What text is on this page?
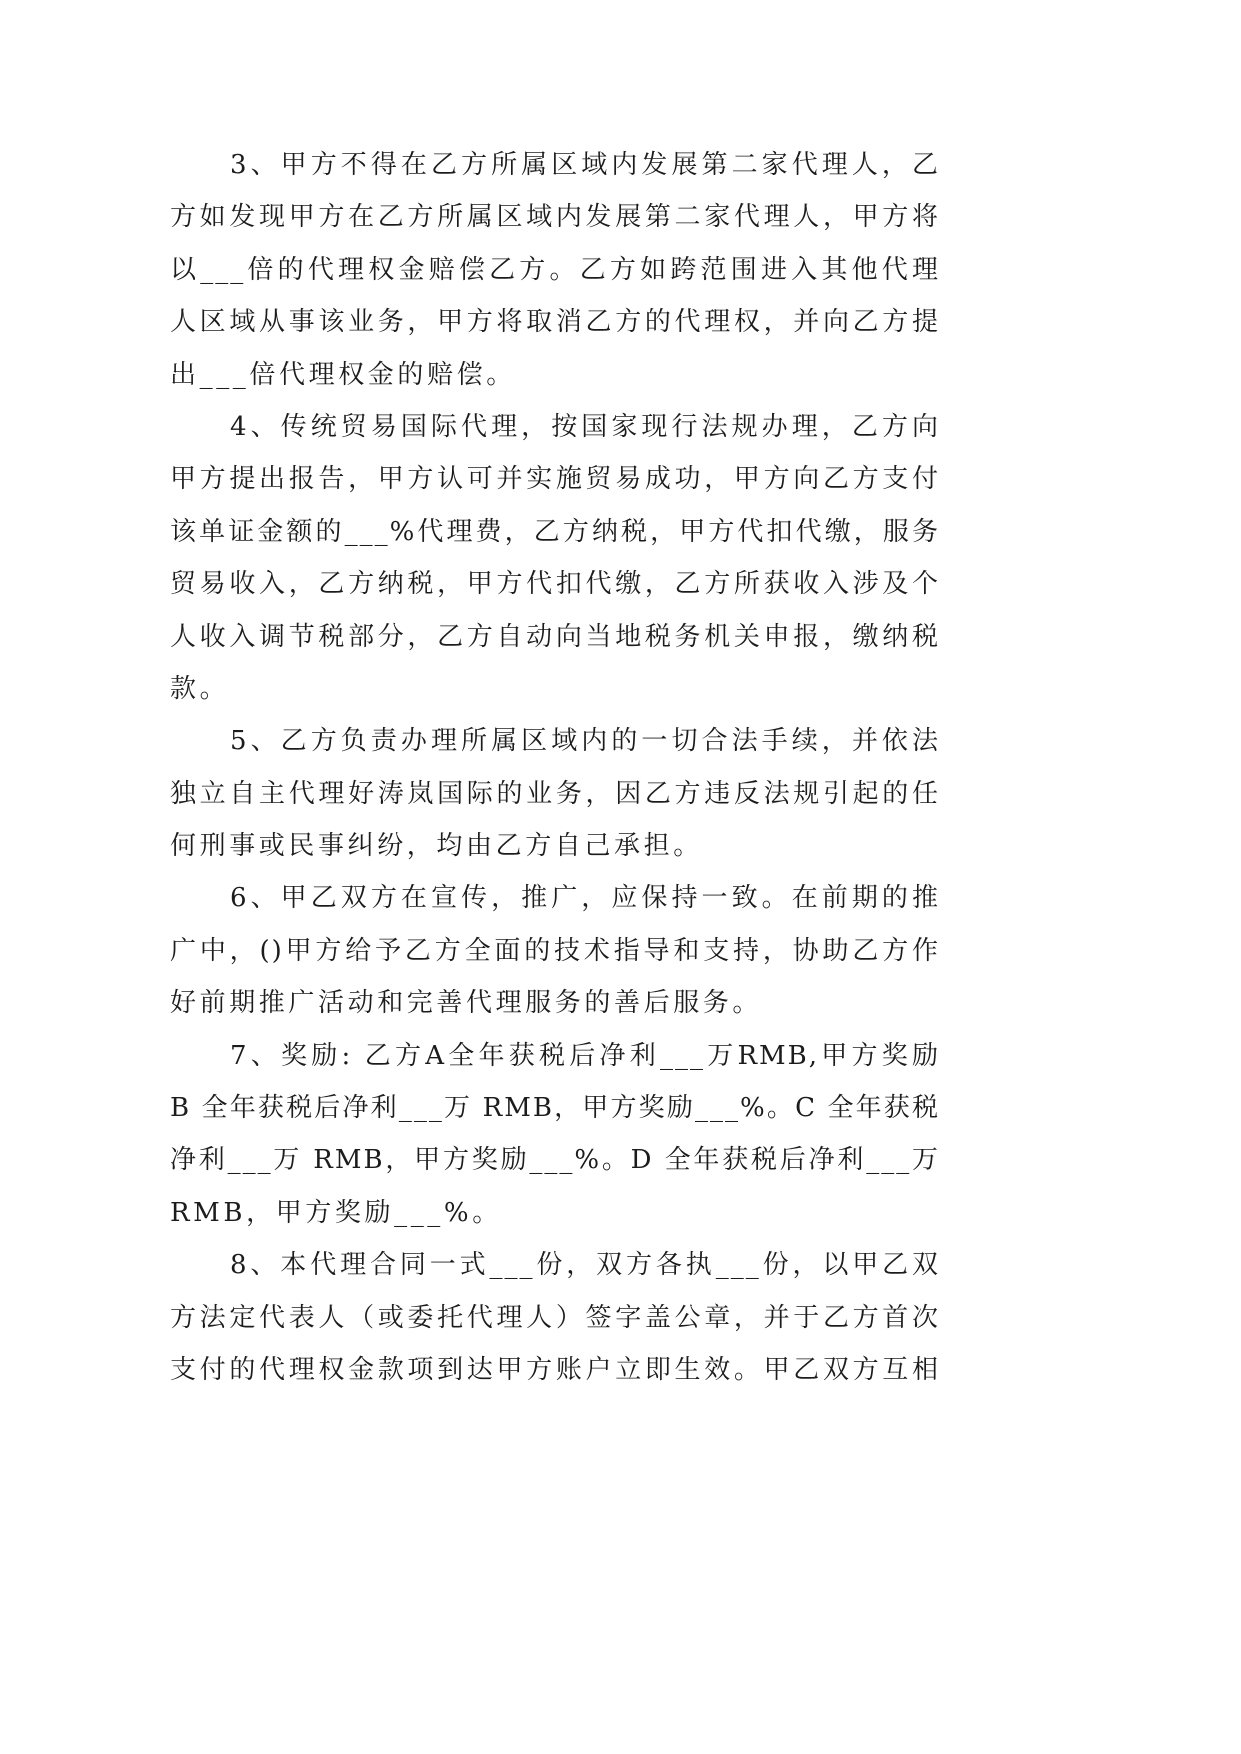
3、甲方不得在乙方所属区域内发展第二家代理人，乙
方如发现甲方在乙方所属区域内发展第二家代理人，甲方将
以___倍的代理权金赔偿乙方。乙方如跨范围进入其他代理
人区域从事该业务，甲方将取消乙方的代理权，并向乙方提
出___倍代理权金的赔偿。
4、传统贸易国际代理，按国家现行法规办理，乙方向
甲方提出报告，甲方认可并实施贸易成功，甲方向乙方支付
该单证金额的___%代理费，乙方纳税，甲方代扣代缴，服务
贸易收入，乙方纳税，甲方代扣代缴，乙方所获收入涉及个
人收入调节税部分，乙方自动向当地税务机关申报，缴纳税
款。
5、乙方负责办理所属区域内的一切合法手续，并依法
独立自主代理好涛岚国际的业务，因乙方违反法规引起的任
何刑事或民事纠纷，均由乙方自己承担。
6、甲乙双方在宣传，推广，应保持一致。在前期的推
广中，()甲方给予乙方全面的技术指导和支持，协助乙方作
好前期推广活动和完善代理服务的善后服务。
7、奖励: 乙方A全年获税后净利___万RMB,甲方奖励
B 全年获税后净利___万 RMB，甲方奖励___%。C 全年获税
净利___万 RMB，甲方奖励___%。D 全年获税后净利___万
RMB，甲方奖励___%。
8、本代理合同一式___份，双方各执___份，以甲乙双
方法定代表人（或委托代理人）签字盖公章，并于乙方首次
支付的代理权金款项到达甲方账户立即生效。甲乙双方互相
